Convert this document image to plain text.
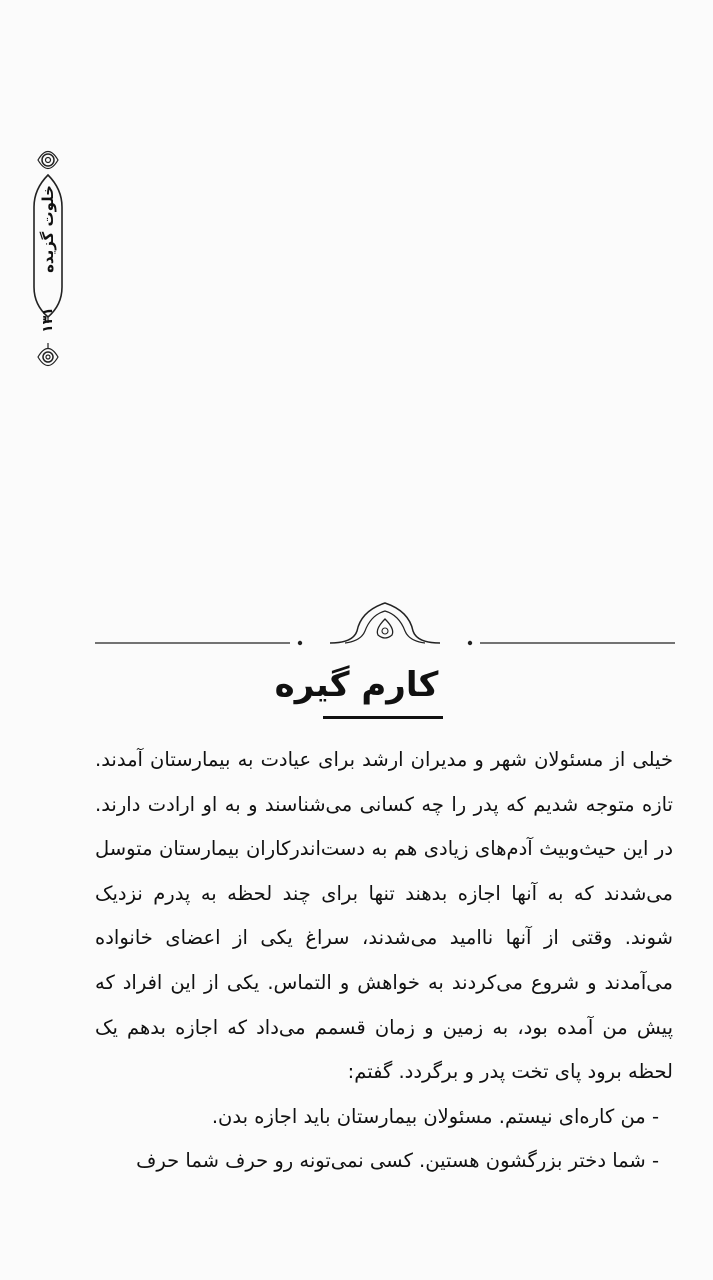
خلوت گزیده
۱۳۱
کارم گیره

خیلی از مسئولان شهر و مدیران ارشد برای عیادت به بیمارستان آمدند. تازه متوجه شدیم که پدر را چه کسانی می‌شناسند و به او ارادت دارند. در این حیث‌وبیث آدم‌های زیادی هم به دست‌اندرکاران بیمارستان متوسل می‌شدند که به آنها اجازه بدهند تنها برای چند لحظه به پدرم نزدیک شوند. وقتی از آنها ناامید می‌شدند، سراغ یکی از اعضای خانواده می‌آمدند و شروع می‌کردند به خواهش و التماس. یکی از این افراد که پیش من آمده بود، به زمین و زمان قسمم می‌داد که اجازه بدهم یک لحظه برود پای تخت پدر و برگردد. گفتم:

- من کاره‌ای نیستم. مسئولان بیمارستان باید اجازه بدن.

- شما دختر بزرگشون هستین. کسی نمی‌تونه رو حرف شما حرف
